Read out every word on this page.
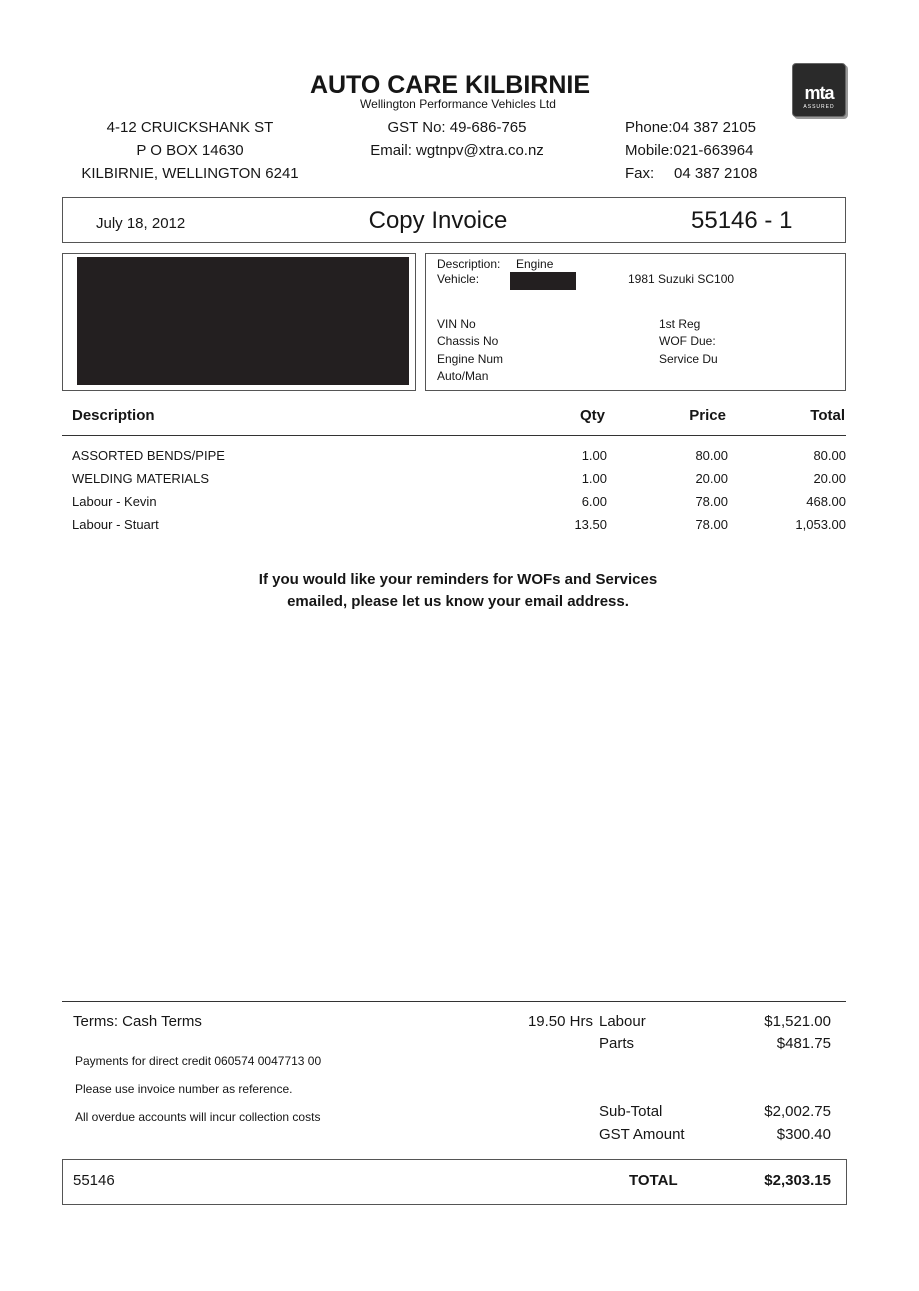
AUTO CARE KILBIRNIE
Wellington Performance Vehicles Ltd
4-12 CRUICKSHANK ST
P O BOX 14630
KILBIRNIE, WELLINGTON 6241
GST No: 49-686-765
Email: wgtnpv@xtra.co.nz
Phone:04 387 2105
Mobile:021-663964
Fax: 04 387 2108
mta
ASSURED
July 18, 2012	Copy Invoice	55146 - 1
Description: Engine
Vehicle:	1981 Suzuki SC100
VIN No
Chassis No
Engine Num
Auto/Man
1st Reg
WOF Due:
Service Du
Description	Qty	Price	Total
ASSORTED BENDS/PIPE	1.00	80.00	80.00
WELDING MATERIALS	1.00	20.00	20.00
Labour - Kevin	6.00	78.00	468.00
Labour - Stuart	13.50	78.00	1,053.00
If you would like your reminders for WOFs and Services
emailed, please let us know your email address.
Terms: Cash Terms
Payments for direct credit 060574 0047713 00
Please use invoice number as reference.
All overdue accounts will incur collection costs
19.50 Hrs Labour	$1,521.00
Parts	$481.75
Sub-Total	$2,002.75
GST Amount	$300.40
55146	TOTAL	$2,303.15
